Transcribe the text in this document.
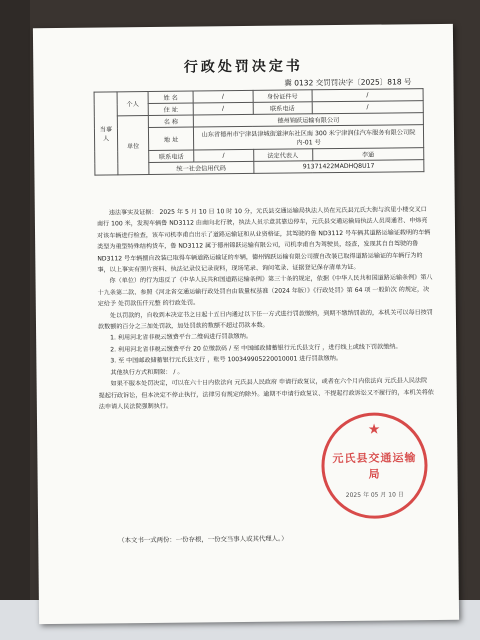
行政处罚决定书
冀 0132 交罚罚决字〔2025〕818 号
当事人	个人	姓 名	/	身份证件号	/
		住 址	/	联系电话	/
	单位	名 称	德州锦跃运输有限公司		
		地 址	山东省德州市宁津县津城街道津东社区南 300 米宁津润佳汽车服务有限公司院内-01 号		
		联系电话	/	法定代表人	李通
		统一社会信用代码		91371422MADHQ8U17	

违法事实及证据： 2025 年 5 月 10 日 10 时 10 分，元氏县交通运输局执法人员在元氏县元氏大街与滨里小楼交叉口南行 100 米，发现车辆鲁 ND3112 由南向北行驶，执法人员示意其靠边停车，元氏县交通运输局执法人员周通君、申炜亮对该车辆进行检查，该车司机李甫自出示了道路运输证和从业资格证，其驾驶的鲁 ND3112 号车辆其道路运输证载明的车辆类型为重型特殊结构货车，鲁 ND3112 属于德州锦跃运输有限公司，司机李甫自为驾驶员，经查，发现其自自驾驶的鲁 ND3112 号车辆擅自改装已取得车辆道路运输证的车辆，德州锦跃运输有限公司擅自改装已取得道路运输证的车辆行为的事，以上事实有照片资料、执法记录仪记录资料，现场笔录、询问笔录、证据登记保存清单为证。

你（单位）的行为违反了《中华人民共和国道路运输条例》第三十条的规定，依据《中华人民共和国道路运输条例》第八十九条第二款、参照《河北省交通运输行政处罚自由裁量权基准（2024 年版）》《行政处罚》第 64 项 一般阶次 的规定，决定给予 处罚款伍仟元整 的行政处罚。

处以罚款的，自收到本决定书之日起十五日内通过以下任一方式进行罚款缴纳，到期不缴纳罚款的，本机关可以每日按罚款数额的百分之三加处罚款，加处罚款的数额不超过罚款本数。

1. 利用河北省非税云缴费平台二维码进行罚款缴纳。

2. 利用河北省非税云缴费平台 20 位缴款码 / 至 中国邮政储蓄银行元氏县支行 ，进行线上或线下罚款缴纳。

3. 至 中国邮政储蓄银行元氏县支行 ，账号 100349905220010001 进行罚款缴纳。

其他执行方式和期限： / 。

如果不服本处罚决定，可以在六十日内依法向 元氏县人民政府 申请行政复议，或者在六个月内依法向 元氏县人民法院 提起行政诉讼，但本决定不停止执行，法律另有规定的除外。逾期不申请行政复议、不提起行政诉讼又不履行的，本机关将依法申请人民法院强制执行。

★
元氏县交通运输局
2025 年 05 月 10 日
（本文书一式两份：一份存根，一份交当事人或其代理人。）
